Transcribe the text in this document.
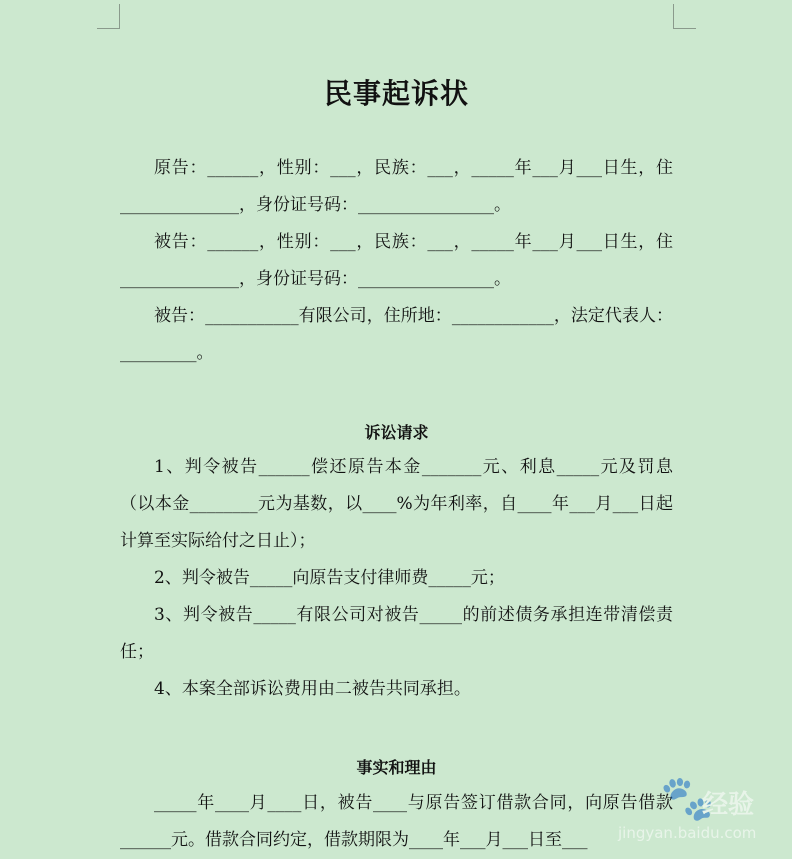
民事起诉状
原告：______，性别：___，民族：___，_____年___月___日生，住______________，身份证号码：________________。
被告：______，性别：___，民族：___，_____年___月___日生，住______________，身份证号码：________________。
被告：___________有限公司，住所地：____________，法定代表人：_________。
诉讼请求
1、判令被告______偿还原告本金_______元、利息_____元及罚息（以本金________元为基数，以____%为年利率，自____年___月___日起计算至实际给付之日止）；
2、判令被告_____向原告支付律师费_____元；
3、判令被告_____有限公司对被告_____的前述债务承担连带清偿责任；
4、本案全部诉讼费用由二被告共同承担。
事实和理由
_____年____月____日，被告____与原告签订借款合同，向原告借款______元。借款合同约定，借款期限为____年___月___日至___
🐾
经验
jingyan.baidu.com
